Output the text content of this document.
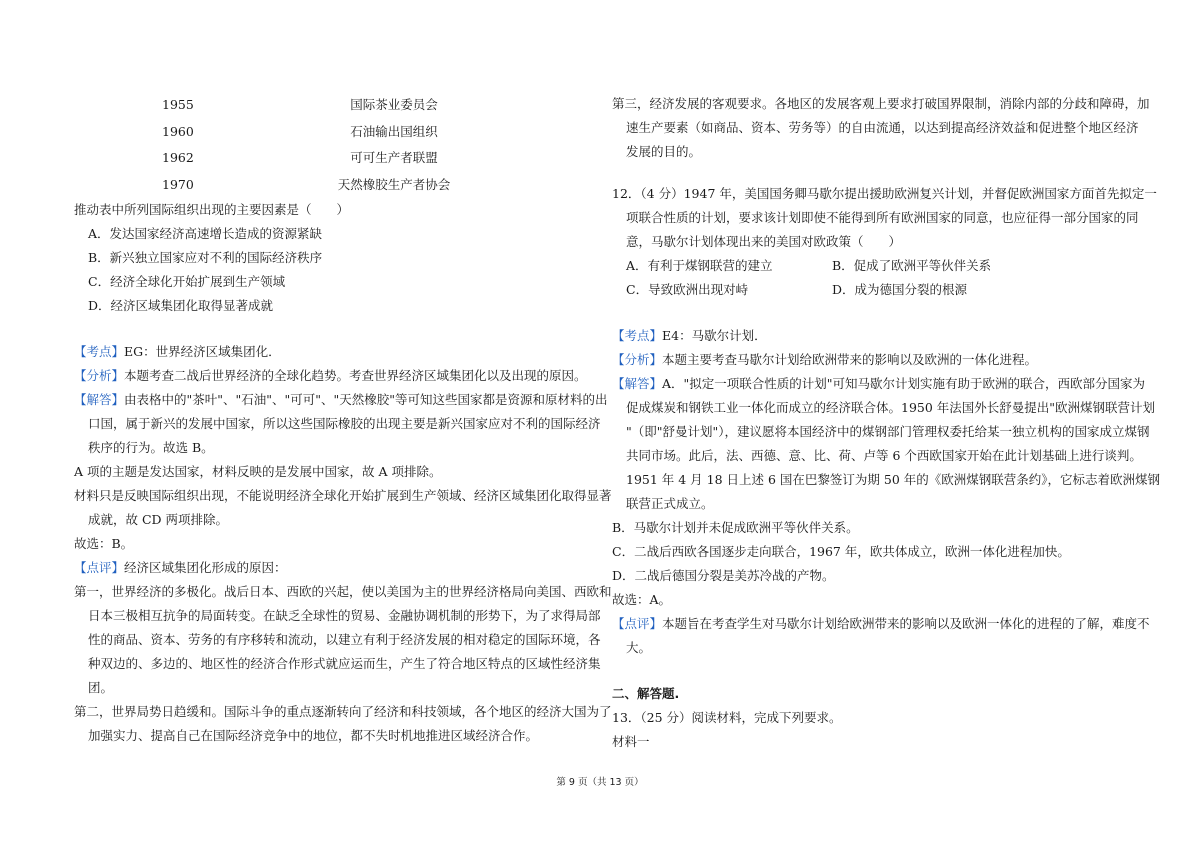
1955	国际茶业委员会
1960	石油输出国组织
1962	可可生产者联盟
1970	天然橡胶生产者协会
推动表中所列国际组织出现的主要因素是（　　）
A．发达国家经济高速增长造成的资源紧缺
B．新兴独立国家应对不利的国际经济秩序
C．经济全球化开始扩展到生产领域
D．经济区域集团化取得显著成就
【考点】EG：世界经济区域集团化．
【分析】本题考查二战后世界经济的全球化趋势。考查世界经济区域集团化以及出现的原因。
【解答】由表格中的"茶叶"、"石油"、"可可"、"天然橡胶"等可知这些国家都是资源和原材料的出
口国，属于新兴的发展中国家，所以这些国际橡胶的出现主要是新兴国家应对不利的国际经济
秩序的行为。故选 B。
A 项的主题是发达国家，材料反映的是发展中国家，故 A 项排除。
材料只是反映国际组织出现，不能说明经济全球化开始扩展到生产领域、经济区域集团化取得显著
成就，故 CD 两项排除。
故选：B。
【点评】经济区域集团化形成的原因：
第一，世界经济的多极化。战后日本、西欧的兴起，使以美国为主的世界经济格局向美国、西欧和
日本三极相互抗争的局面转变。在缺乏全球性的贸易、金融协调机制的形势下，为了求得局部
性的商品、资本、劳务的有序移转和流动，以建立有利于经济发展的相对稳定的国际环境，各
种双边的、多边的、地区性的经济合作形式就应运而生，产生了符合地区特点的区域性经济集
团。
第二，世界局势日趋缓和。国际斗争的重点逐渐转向了经济和科技领域，各个地区的经济大国为了
加强实力、提高自己在国际经济竞争中的地位，都不失时机地推进区域经济合作。
第三，经济发展的客观要求。各地区的发展客观上要求打破国界限制，消除内部的分歧和障碍，加
速生产要素（如商品、资本、劳务等）的自由流通，以达到提高经济效益和促进整个地区经济
发展的目的。
12．（4 分）1947 年，美国国务卿马歇尔提出援助欧洲复兴计划，并督促欧洲国家方面首先拟定一
项联合性质的计划，要求该计划即使不能得到所有欧洲国家的同意，也应征得一部分国家的同
意，马歇尔计划体现出来的美国对欧政策（　　）
A．有利于煤钢联营的建立	B．促成了欧洲平等伙伴关系
C．导致欧洲出现对峙	D．成为德国分裂的根源
【考点】E4：马歇尔计划．
【分析】本题主要考查马歇尔计划给欧洲带来的影响以及欧洲的一体化进程。
【解答】A．"拟定一项联合性质的计划"可知马歇尔计划实施有助于欧洲的联合，西欧部分国家为
促成煤炭和钢铁工业一体化而成立的经济联合体。1950 年法国外长舒曼提出"欧洲煤钢联营计划
"（即"舒曼计划"），建议愿将本国经济中的煤钢部门管理权委托给某一独立机构的国家成立煤钢
共同市场。此后，法、西德、意、比、荷、卢等 6 个西欧国家开始在此计划基础上进行谈判。
1951 年 4 月 18 日上述 6 国在巴黎签订为期 50 年的《欧洲煤钢联营条约》，它标志着欧洲煤钢
联营正式成立。
B．马歇尔计划并未促成欧洲平等伙伴关系。
C．二战后西欧各国逐步走向联合，1967 年，欧共体成立，欧洲一体化进程加快。
D．二战后德国分裂是美苏冷战的产物。
故选：A。
【点评】本题旨在考查学生对马歇尔计划给欧洲带来的影响以及欧洲一体化的进程的了解，难度不
大。
二、解答题.
13．（25 分）阅读材料，完成下列要求。
材料一
第 9 页（共 13 页）
